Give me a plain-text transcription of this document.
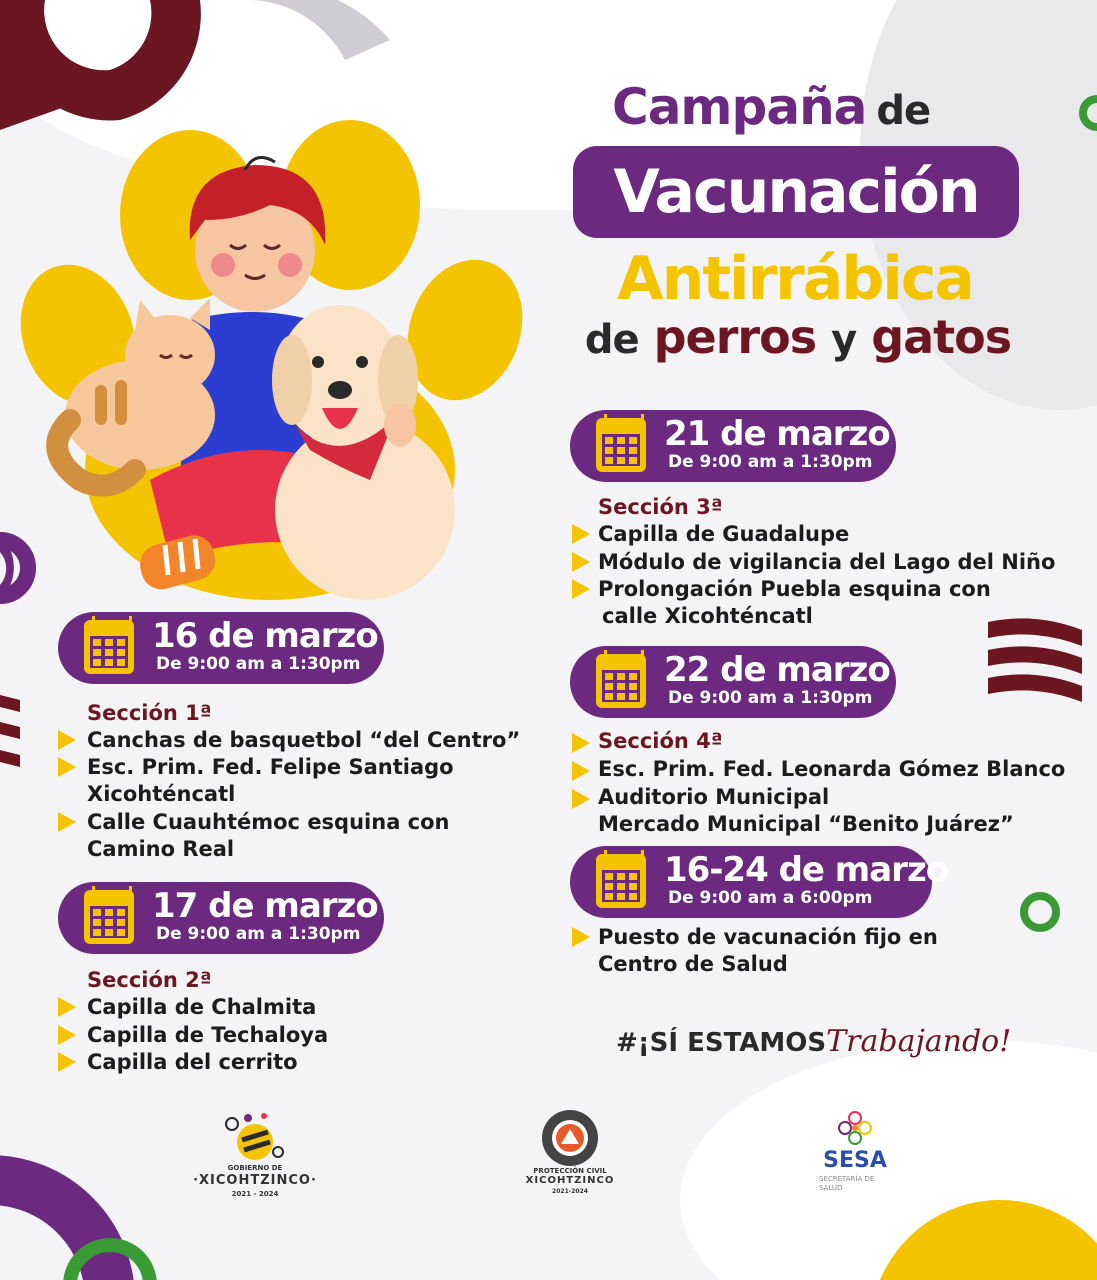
Campaña de
Vacunación
Antirrábica
de perros y gatos
16 de marzo
De 9:00 am a 1:30pm
Sección 1ª
Canchas de basquetbol “del Centro”
Esc. Prim. Fed. Felipe Santiago
Xicohténcatl
Calle Cuauhtémoc esquina con
Camino Real
17 de marzo
De 9:00 am a 1:30pm
Sección 2ª
Capilla de Chalmita
Capilla de Techaloya
Capilla del cerrito
21 de marzo
De 9:00 am a 1:30pm
Sección 3ª
Capilla de Guadalupe
Módulo de vigilancia del Lago del Niño
Prolongación Puebla esquina con
calle Xicohténcatl
22 de marzo
De 9:00 am a 1:30pm
Sección 4ª
Esc. Prim. Fed. Leonarda Gómez Blanco
Auditorio Municipal
Mercado Municipal “Benito Juárez”
16-24 de marzo
De 9:00 am a 6:00pm
Puesto de vacunación fijo en
Centro de Salud
#¡SÍ ESTAMOSTrabajando!
GOBIERNO DE
·XICOHTZINCO·
2021 - 2024
PROTECCIÓN CIVIL
XICOHTZINCO
2021-2024
SESA
SECRETARÍA DE
SALUD
